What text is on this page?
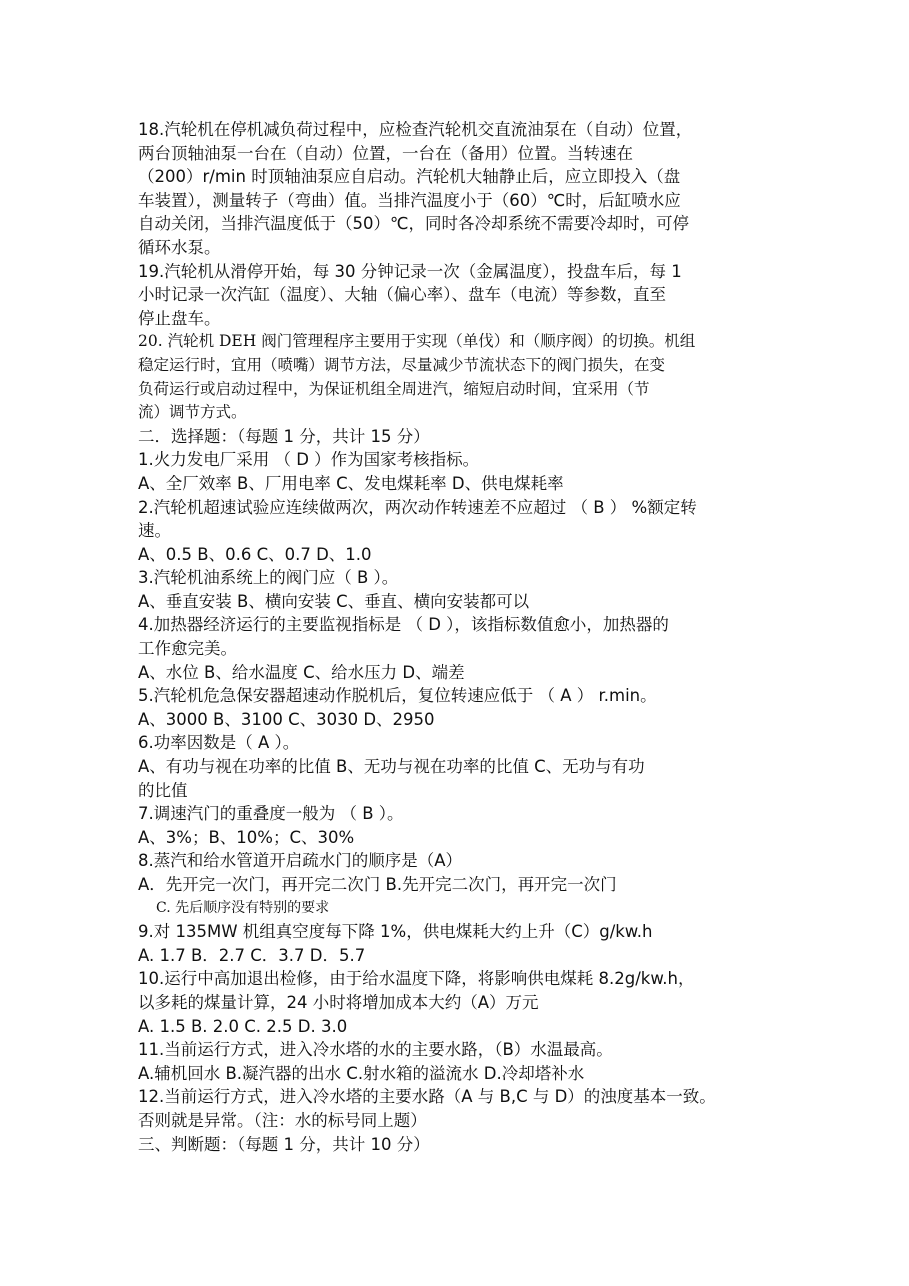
18.汽轮机在停机减负荷过程中，应检查汽轮机交直流油泵在（自动）位置，
两台顶轴油泵一台在（自动）位置，一台在（备用）位置。当转速在
（200）r/min 时顶轴油泵应自启动。汽轮机大轴静止后，应立即投入（盘
车装置），测量转子（弯曲）值。当排汽温度小于（60）℃时，后缸喷水应
自动关闭，当排汽温度低于（50）℃，同时各冷却系统不需要冷却时，可停
循环水泵。
19.汽轮机从滑停开始，每 30 分钟记录一次（金属温度），投盘车后，每 1
小时记录一次汽缸（温度）、大轴（偏心率）、盘车（电流）等参数，直至
停止盘车。
20. 汽轮机 DEH 阀门管理程序主要用于实现（单伐）和（顺序阀）的切换。机组
稳定运行时，宜用（喷嘴）调节方法，尽量减少节流状态下的阀门损失，在变
负荷运行或启动过程中，为保证机组全周进汽，缩短启动时间，宜采用（节
流）调节方式。
二．选择题：（每题 1 分，共计 15 分）
1.火力发电厂采用 （ D ）作为国家考核指标。
A、全厂效率 B、厂用电率 C、发电煤耗率 D、供电煤耗率
2.汽轮机超速试验应连续做两次，两次动作转速差不应超过 （ B ） %额定转
速。
A、0.5 B、0.6 C、0.7 D、1.0
3.汽轮机油系统上的阀门应（ B ）。
A、垂直安装 B、横向安装 C、垂直、横向安装都可以
4.加热器经济运行的主要监视指标是 （ D ），该指标数值愈小，加热器的
工作愈完美。
A、水位 B、给水温度 C、给水压力 D、端差
5.汽轮机危急保安器超速动作脱机后，复位转速应低于 （ A ） r.min。
A、3000 B、3100 C、3030 D、2950
6.功率因数是（ A ）。
A、有功与视在功率的比值 B、无功与视在功率的比值 C、无功与有功
的比值
7.调速汽门的重叠度一般为 （ B ）。
A、3%；B、10%；C、30%
8.蒸汽和给水管道开启疏水门的顺序是（A）
A．先开完一次门，再开完二次门 B.先开完二次门，再开完一次门
C. 先后顺序没有特别的要求
9.对 135MW 机组真空度每下降 1%，供电煤耗大约上升（C）g/kw.h
A. 1.7 B．2.7 C．3.7 D．5.7
10.运行中高加退出检修，由于给水温度下降，将影响供电煤耗 8.2g/kw.h，
以多耗的煤量计算，24 小时将增加成本大约（A）万元
A. 1.5 B. 2.0 C. 2.5 D. 3.0
11.当前运行方式，进入冷水塔的水的主要水路，（B）水温最高。
A.辅机回水 B.凝汽器的出水 C.射水箱的溢流水 D.冷却塔补水
12.当前运行方式，进入冷水塔的主要水路（A 与 B,C 与 D）的浊度基本一致。
否则就是异常。（注：水的标号同上题）
三、判断题：（每题 1 分，共计 10 分）
